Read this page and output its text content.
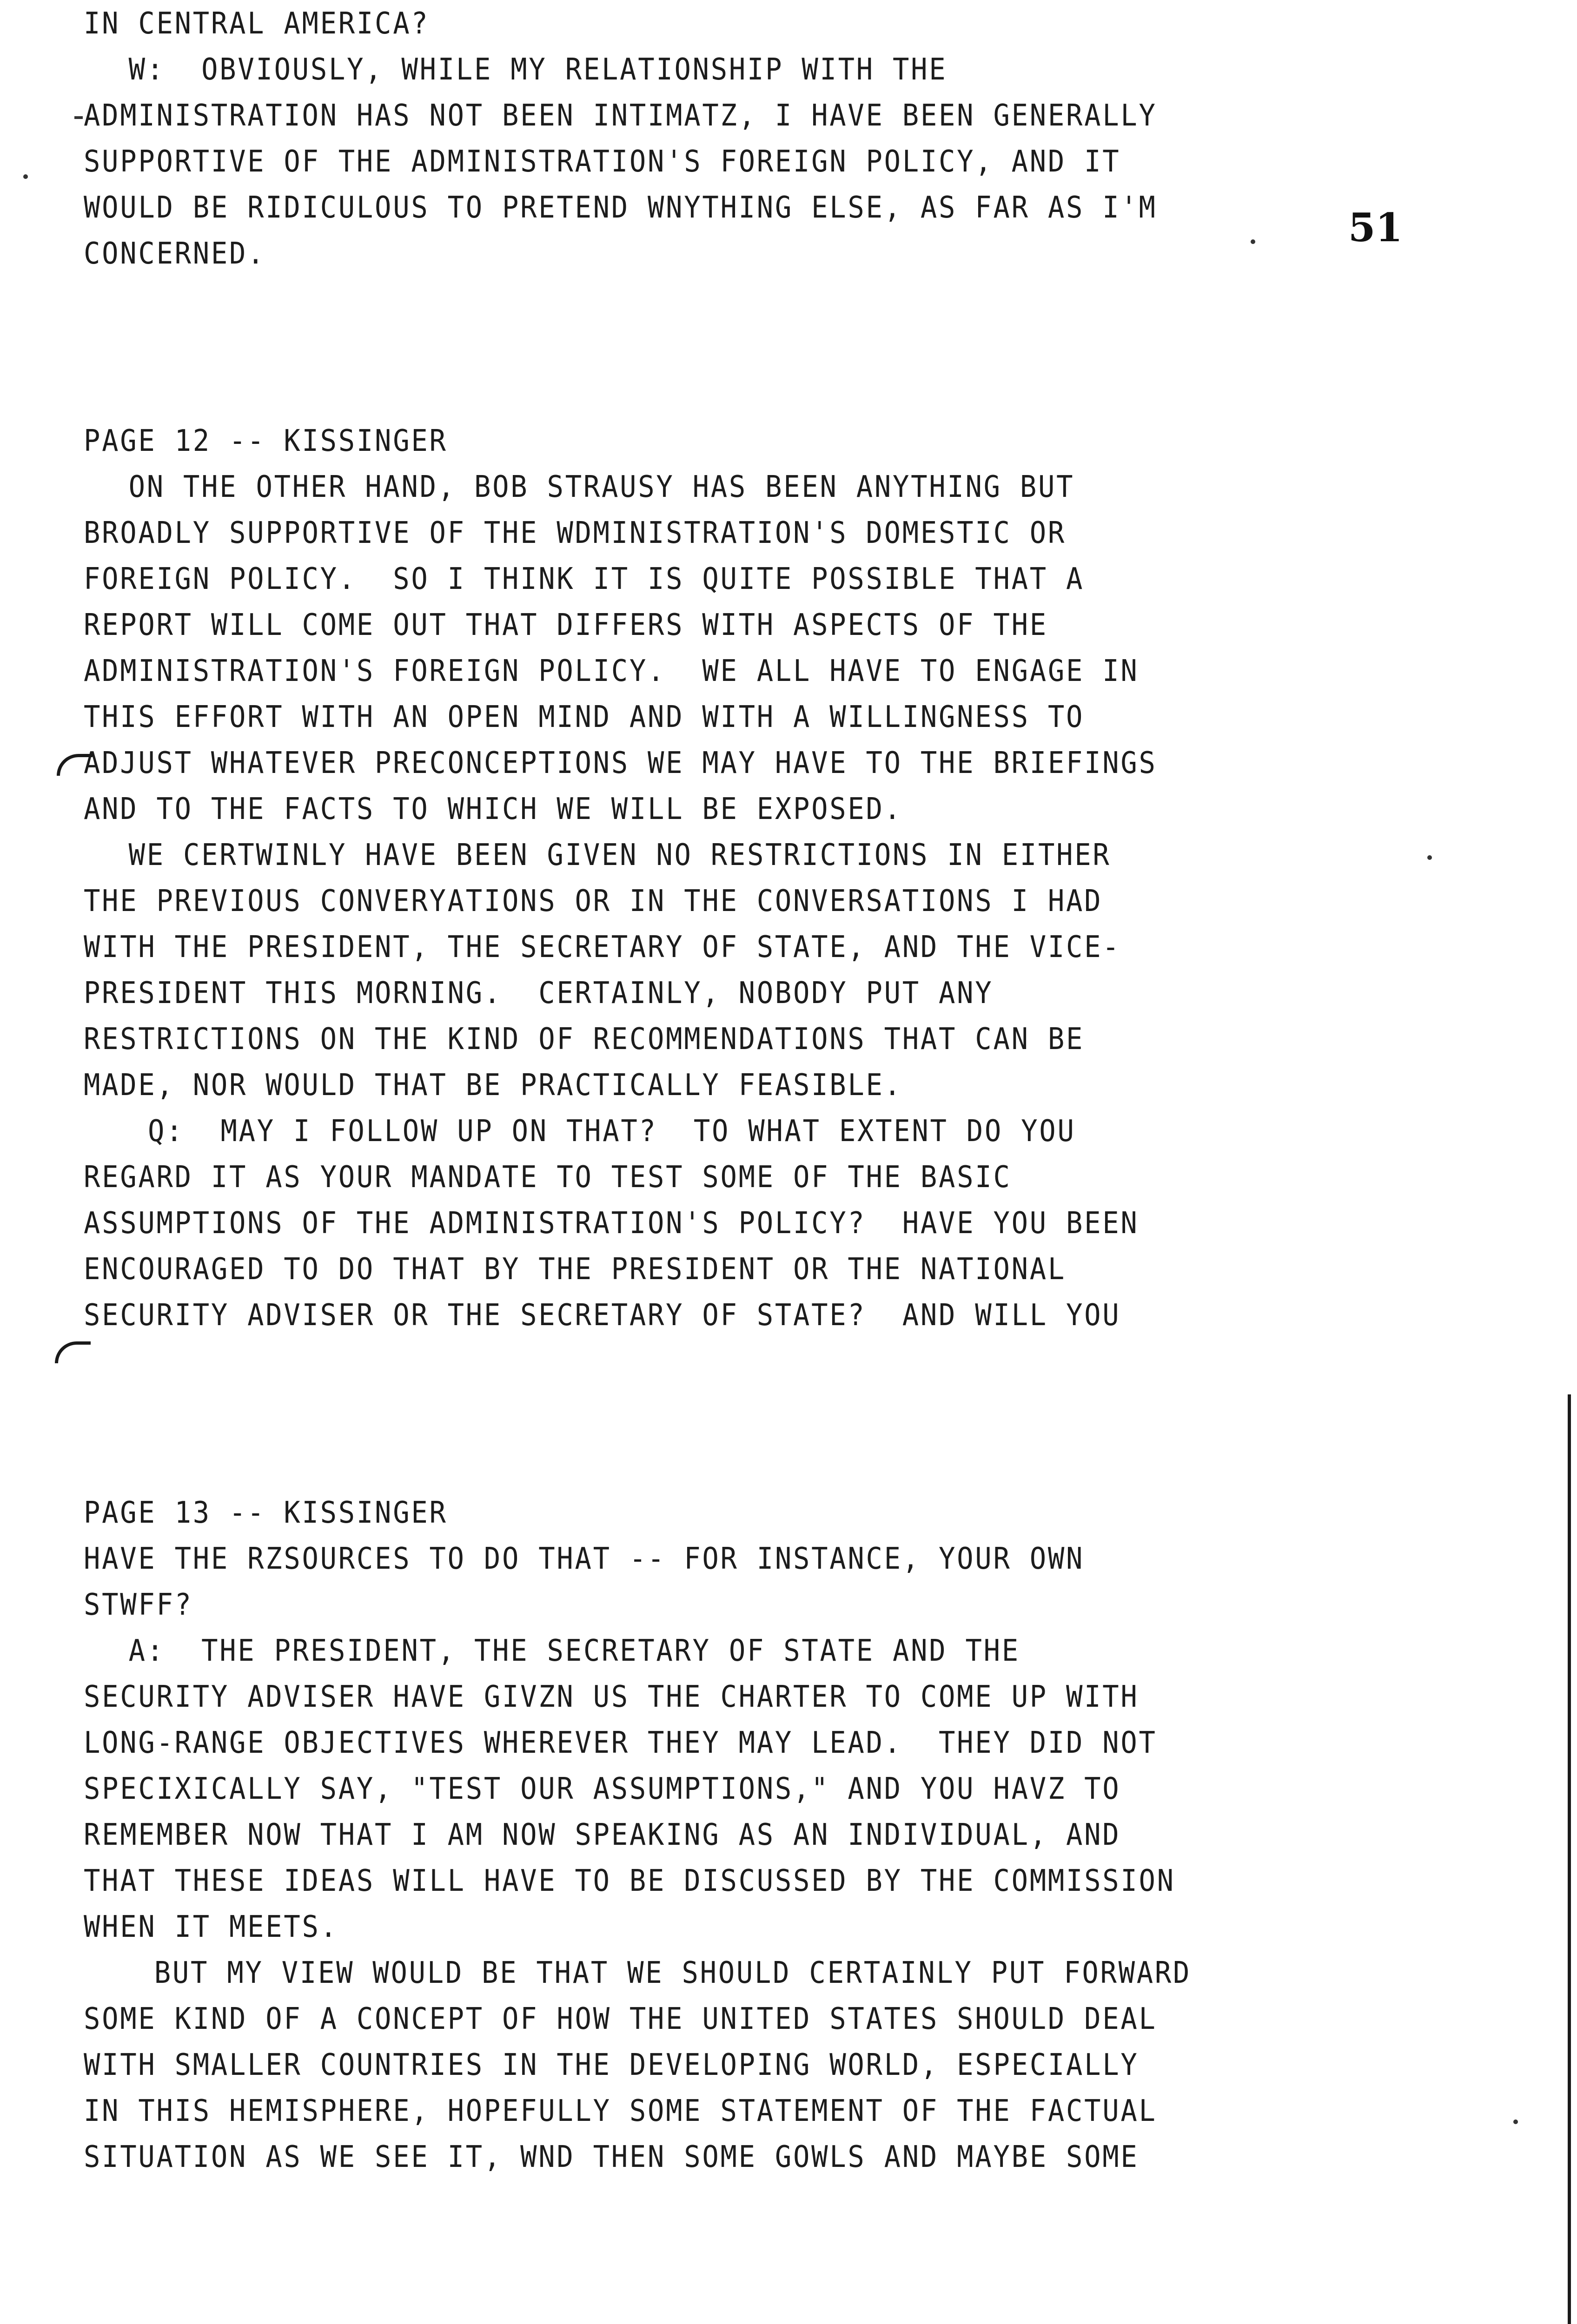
IN CENTRAL AMERICA?
W:  OBVIOUSLY, WHILE MY RELATIONSHIP WITH THE
ADMINISTRATION HAS NOT BEEN INTIMATZ, I HAVE BEEN GENERALLY
SUPPORTIVE OF THE ADMINISTRATION'S FOREIGN POLICY, AND IT
WOULD BE RIDICULOUS TO PRETEND WNYTHING ELSE, AS FAR AS I'M
CONCERNED.
51
PAGE 12 -- KISSINGER
ON THE OTHER HAND, BOB STRAUSY HAS BEEN ANYTHING BUT
BROADLY SUPPORTIVE OF THE WDMINISTRATION'S DOMESTIC OR
FOREIGN POLICY.  SO I THINK IT IS QUITE POSSIBLE THAT A
REPORT WILL COME OUT THAT DIFFERS WITH ASPECTS OF THE
ADMINISTRATION'S FOREIGN POLICY.  WE ALL HAVE TO ENGAGE IN
THIS EFFORT WITH AN OPEN MIND AND WITH A WILLINGNESS TO
ADJUST WHATEVER PRECONCEPTIONS WE MAY HAVE TO THE BRIEFINGS
AND TO THE FACTS TO WHICH WE WILL BE EXPOSED.
WE CERTWINLY HAVE BEEN GIVEN NO RESTRICTIONS IN EITHER
THE PREVIOUS CONVERYATIONS OR IN THE CONVERSATIONS I HAD
WITH THE PRESIDENT, THE SECRETARY OF STATE, AND THE VICE-
PRESIDENT THIS MORNING.  CERTAINLY, NOBODY PUT ANY
RESTRICTIONS ON THE KIND OF RECOMMENDATIONS THAT CAN BE
MADE, NOR WOULD THAT BE PRACTICALLY FEASIBLE.
Q:  MAY I FOLLOW UP ON THAT?  TO WHAT EXTENT DO YOU
REGARD IT AS YOUR MANDATE TO TEST SOME OF THE BASIC
ASSUMPTIONS OF THE ADMINISTRATION'S POLICY?  HAVE YOU BEEN
ENCOURAGED TO DO THAT BY THE PRESIDENT OR THE NATIONAL
SECURITY ADVISER OR THE SECRETARY OF STATE?  AND WILL YOU
PAGE 13 -- KISSINGER
HAVE THE RZSOURCES TO DO THAT -- FOR INSTANCE, YOUR OWN
STWFF?
A:  THE PRESIDENT, THE SECRETARY OF STATE AND THE
SECURITY ADVISER HAVE GIVZN US THE CHARTER TO COME UP WITH
LONG-RANGE OBJECTIVES WHEREVER THEY MAY LEAD.  THEY DID NOT
SPECIXICALLY SAY, "TEST OUR ASSUMPTIONS," AND YOU HAVZ TO
REMEMBER NOW THAT I AM NOW SPEAKING AS AN INDIVIDUAL, AND
THAT THESE IDEAS WILL HAVE TO BE DISCUSSED BY THE COMMISSION
WHEN IT MEETS.
BUT MY VIEW WOULD BE THAT WE SHOULD CERTAINLY PUT FORWARD
SOME KIND OF A CONCEPT OF HOW THE UNITED STATES SHOULD DEAL
WITH SMALLER COUNTRIES IN THE DEVELOPING WORLD, ESPECIALLY
IN THIS HEMISPHERE, HOPEFULLY SOME STATEMENT OF THE FACTUAL
SITUATION AS WE SEE IT, WND THEN SOME GOWLS AND MAYBE SOME
